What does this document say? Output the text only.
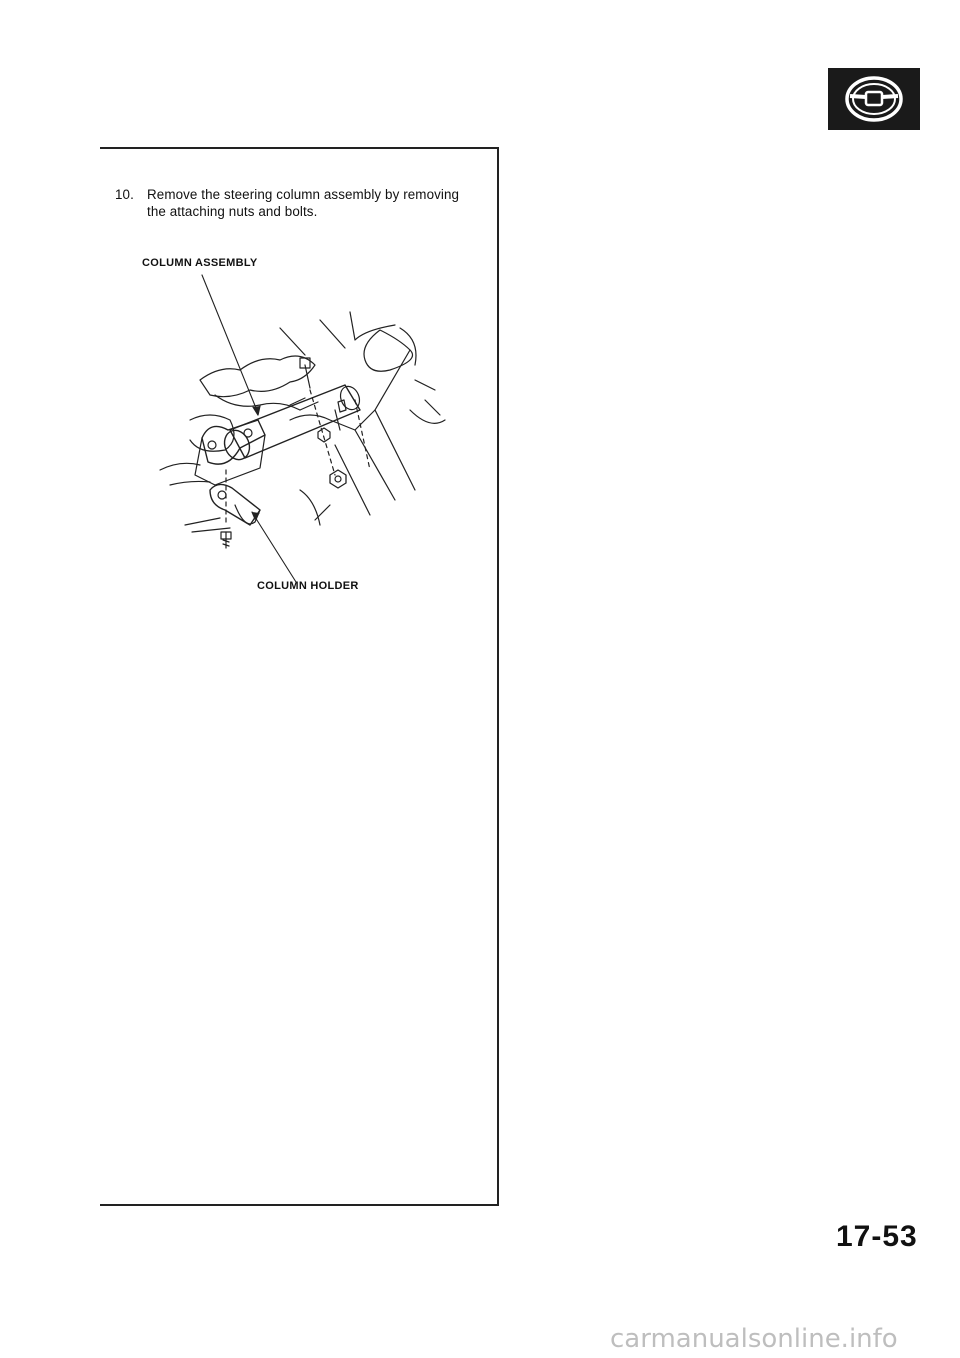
10. Remove the steering column assembly by removing
the attaching nuts and bolts.
COLUMN ASSEMBLY
COLUMN HOLDER
17-53
carmanualsonline.info
